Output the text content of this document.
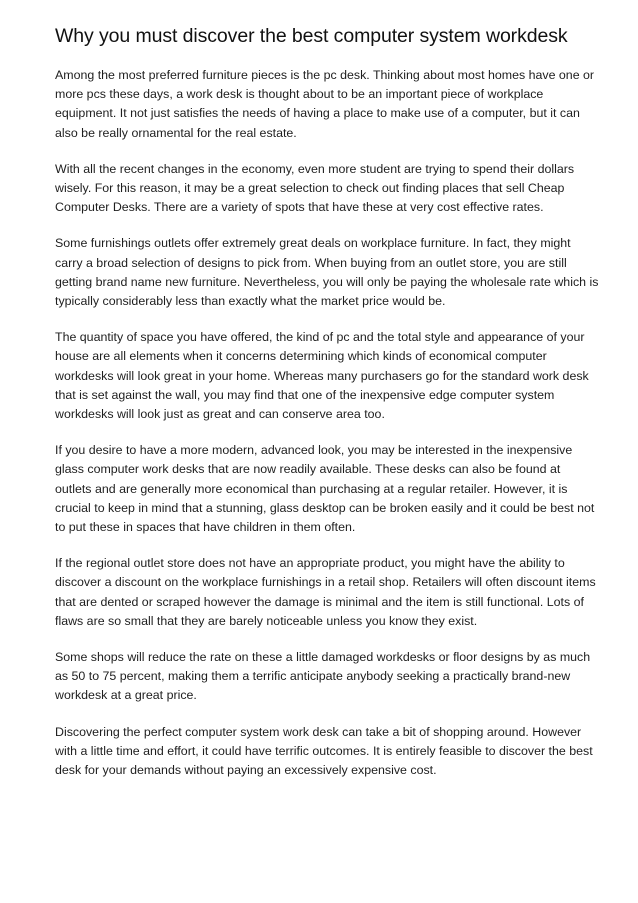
Why you must discover the best computer system workdesk

Among the most preferred furniture pieces is the pc desk. Thinking about most homes have one or more pcs these days, a work desk is thought about to be an important piece of workplace equipment. It not just satisfies the needs of having a place to make use of a computer, but it can also be really ornamental for the real estate.

With all the recent changes in the economy, even more student are trying to spend their dollars wisely. For this reason, it may be a great selection to check out finding places that sell Cheap Computer Desks. There are a variety of spots that have these at very cost effective rates.

Some furnishings outlets offer extremely great deals on workplace furniture. In fact, they might carry a broad selection of designs to pick from. When buying from an outlet store, you are still getting brand name new furniture. Nevertheless, you will only be paying the wholesale rate which is typically considerably less than exactly what the market price would be.

The quantity of space you have offered, the kind of pc and the total style and appearance of your house are all elements when it concerns determining which kinds of economical computer workdesks will look great in your home. Whereas many purchasers go for the standard work desk that is set against the wall, you may find that one of the inexpensive edge computer system workdesks will look just as great and can conserve area too.

If you desire to have a more modern, advanced look, you may be interested in the inexpensive glass computer work desks that are now readily available. These desks can also be found at outlets and are generally more economical than purchasing at a regular retailer. However, it is crucial to keep in mind that a stunning, glass desktop can be broken easily and it could be best not to put these in spaces that have children in them often.

If the regional outlet store does not have an appropriate product, you might have the ability to discover a discount on the workplace furnishings in a retail shop. Retailers will often discount items that are dented or scraped however the damage is minimal and the item is still functional. Lots of flaws are so small that they are barely noticeable unless you know they exist.

Some shops will reduce the rate on these a little damaged workdesks or floor designs by as much as 50 to 75 percent, making them a terrific anticipate anybody seeking a practically brand-new workdesk at a great price.

Discovering the perfect computer system work desk can take a bit of shopping around. However with a little time and effort, it could have terrific outcomes. It is entirely feasible to discover the best desk for your demands without paying an excessively expensive cost.
